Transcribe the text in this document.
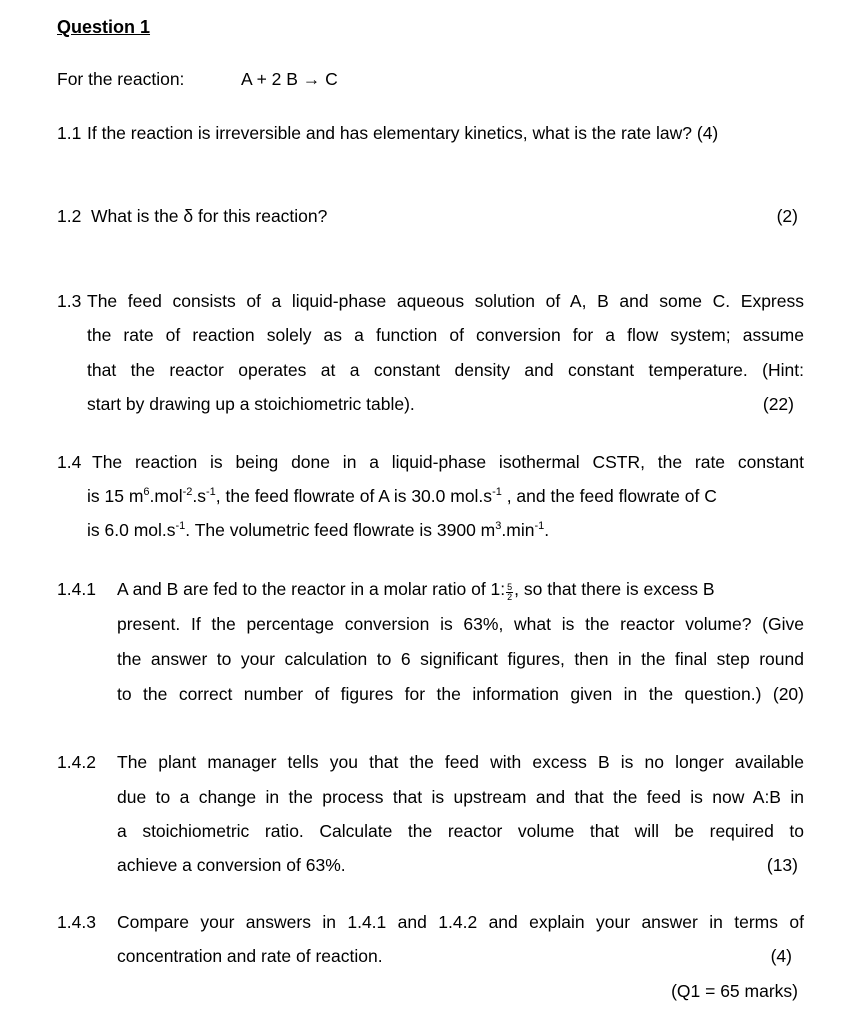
Question 1
For the reaction:	A + 2 B → C
1.1 If the reaction is irreversible and has elementary kinetics, what is the rate law? (4)
1.2 What is the δ for this reaction?	(2)
1.3 The feed consists of a liquid-phase aqueous solution of A, B and some C. Express
the rate of reaction solely as a function of conversion for a flow system; assume
that the reactor operates at a constant density and constant temperature. (Hint:
start by drawing up a stoichiometric table).	(22)
1.4 The reaction is being done in a liquid-phase isothermal CSTR, the rate constant
is 15 $m^6.mol^{-2}.s^{-1}$, the feed flowrate of A is 30.0 $mol.s^{-1}$ , and the feed flowrate of C
is 6.0 $mol.s^{-1}$. The volumetric feed flowrate is 3900 $m^3.\min^{-1}$.
1.4.1 A and B are fed to the reactor in a molar ratio of 1: $\frac{5}{2}$ , so that there is excess B
present. If the percentage conversion is 63%, what is the reactor volume? (Give
the answer to your calculation to 6 significant figures, then in the final step round
to the correct number of figures for the information given in the question.) (20)
1.4.2 The plant manager tells you that the feed with excess B is no longer available
due to a change in the process that is upstream and that the feed is now A:B in
a stoichiometric ratio. Calculate the reactor volume that will be required to
achieve a conversion of 63%.	(13)
1.4.3 Compare your answers in 1.4.1 and 1.4.2 and explain your answer in terms of
concentration and rate of reaction.	(4)
(Q1 = 65 marks)
